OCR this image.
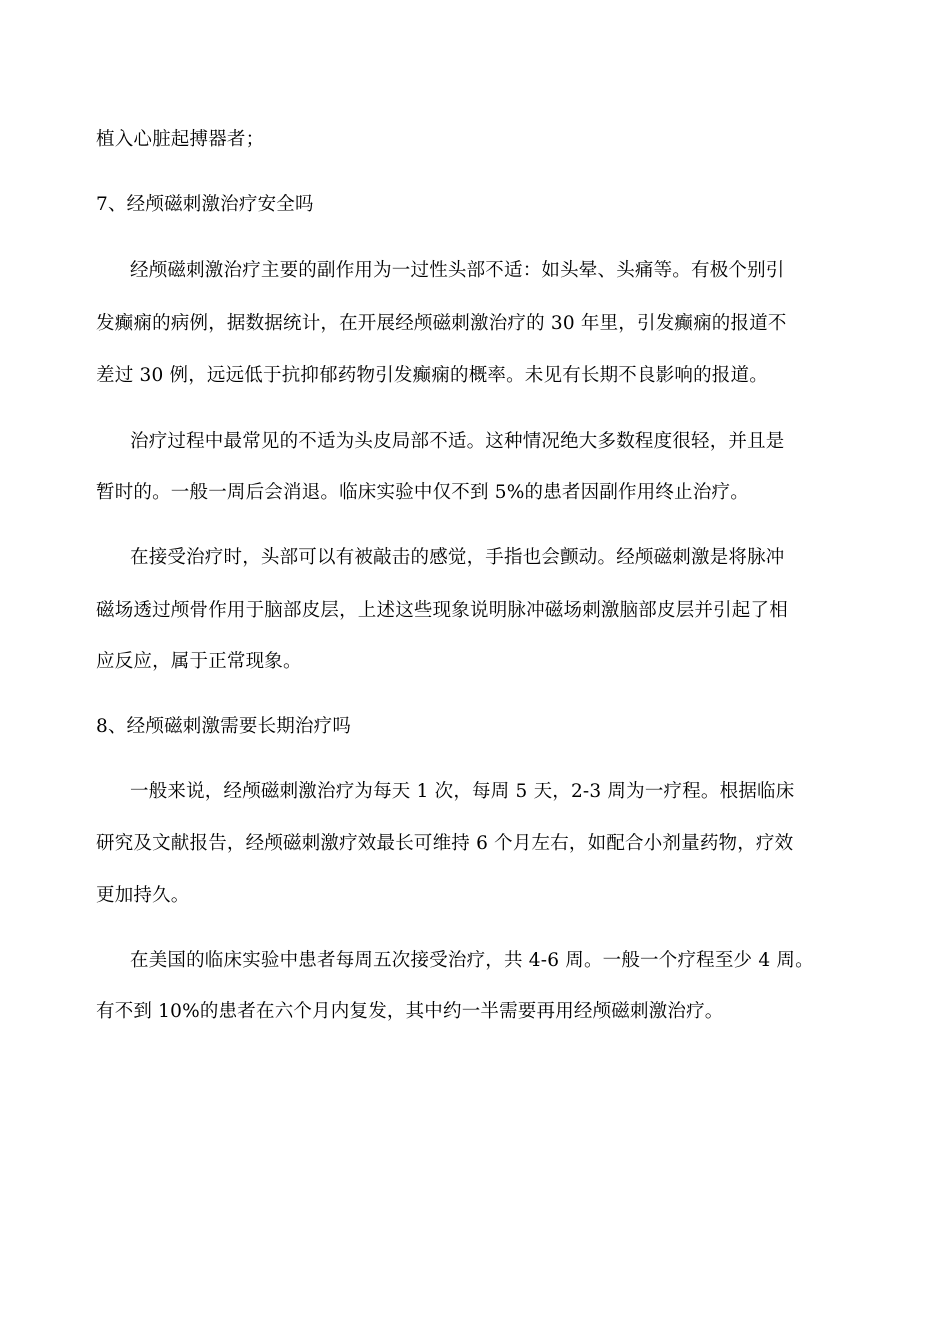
植入心脏起搏器者；
7、经颅磁刺激治疗安全吗
经颅磁刺激治疗主要的副作用为一过性头部不适：如头晕、头痛等。有极个别引
发癫痫的病例，据数据统计，在开展经颅磁刺激治疗的 30 年里，引发癫痫的报道不
差过 30 例，远远低于抗抑郁药物引发癫痫的概率。未见有长期不良影响的报道。
治疗过程中最常见的不适为头皮局部不适。这种情况绝大多数程度很轻，并且是
暂时的。一般一周后会消退。临床实验中仅不到 5%的患者因副作用终止治疗。
在接受治疗时，头部可以有被敲击的感觉，手指也会颤动。经颅磁刺激是将脉冲
磁场透过颅骨作用于脑部皮层，上述这些现象说明脉冲磁场刺激脑部皮层并引起了相
应反应，属于正常现象。
8、经颅磁刺激需要长期治疗吗
一般来说，经颅磁刺激治疗为每天 1 次，每周 5 天，2-3 周为一疗程。根据临床
研究及文献报告，经颅磁刺激疗效最长可维持 6 个月左右，如配合小剂量药物，疗效
更加持久。
在美国的临床实验中患者每周五次接受治疗，共 4-6 周。一般一个疗程至少 4 周。
有不到 10%的患者在六个月内复发，其中约一半需要再用经颅磁刺激治疗。
